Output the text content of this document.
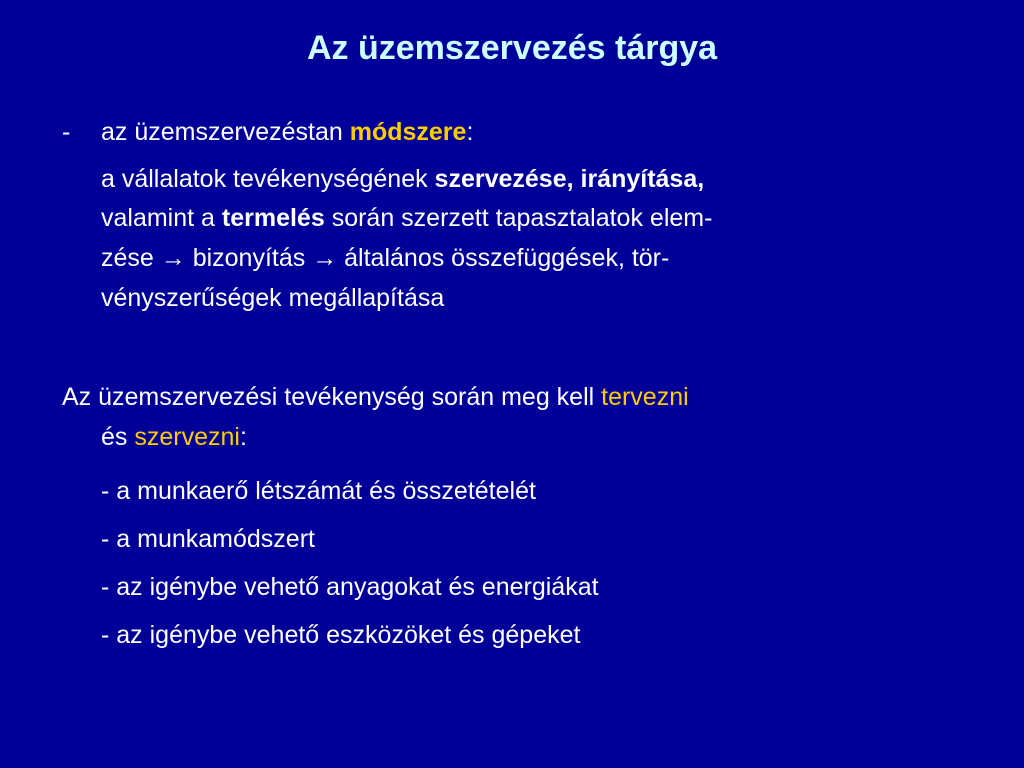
Az üzemszervezés tárgya
- az üzemszervezéstan módszere:
a vállalatok tevékenységének szervezése, irányítása,
valamint a termelés során szerzett tapasztalatok elem-
zése → bizonyítás → általános összefüggések, tör-
vényszerűségek megállapítása
Az üzemszervezési tevékenység során meg kell tervezni
és szervezni:
- a munkaerő létszámát és összetételét
- a munkamódszert
- az igénybe vehető anyagokat és energiákat
- az igénybe vehető eszközöket és gépeket
